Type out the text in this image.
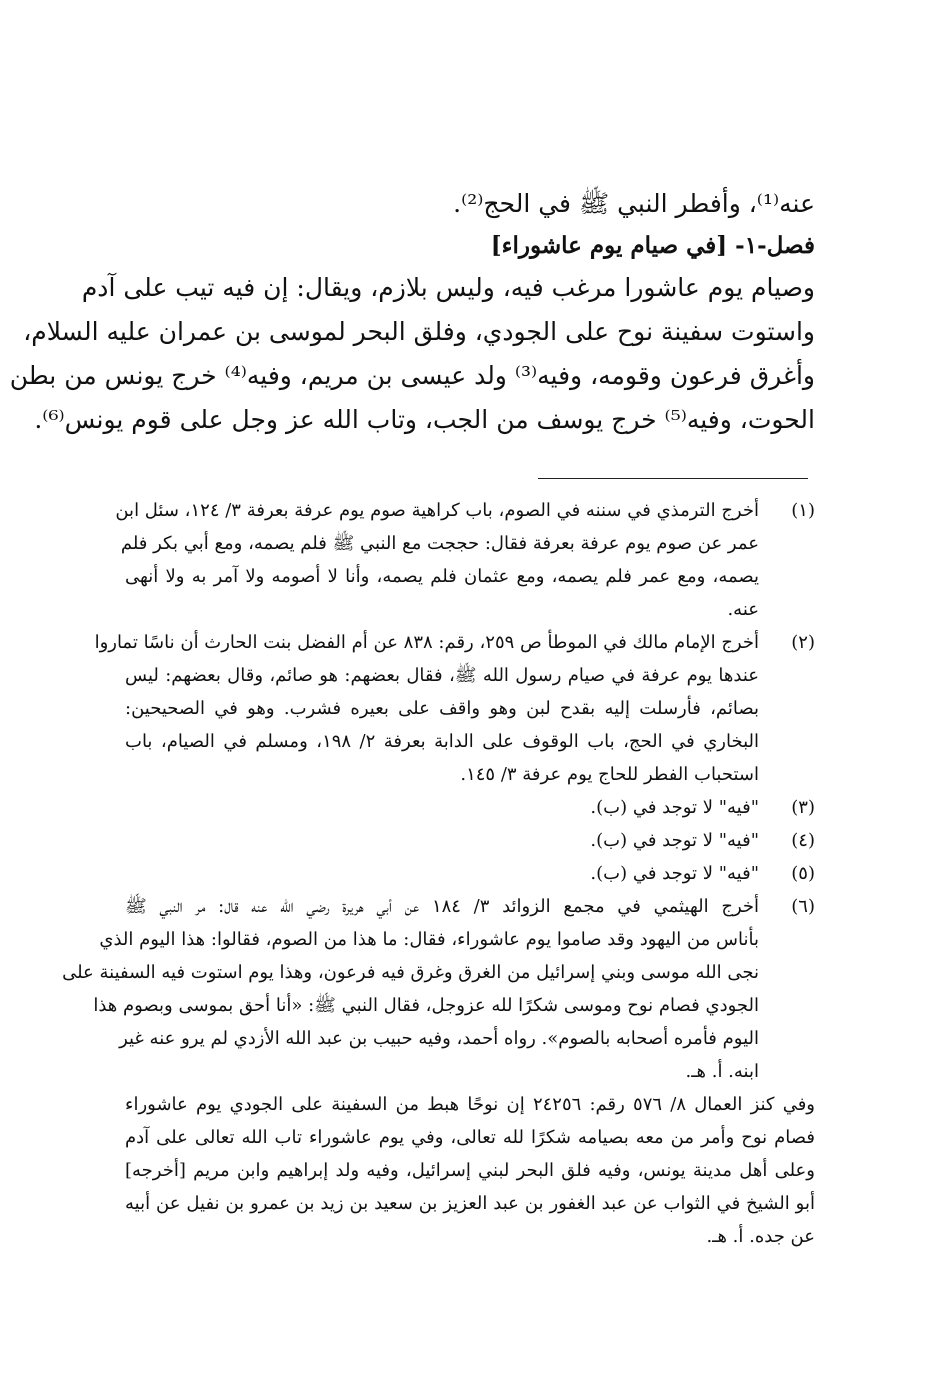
عنه⁽¹⁾، وأفطر النبي ﷺ في الحج⁽²⁾.
فصل-١- [في صيام يوم عاشوراء]
وصيام يوم عاشورا مرغب فيه، وليس بلازم، ويقال: إن فيه تيب على آدم
واستوت سفينة نوح على الجودي، وفلق البحر لموسى بن عمران عليه السلام،
وأغرق فرعون وقومه، وفيه⁽³⁾ ولد عيسى بن مريم، وفيه⁽⁴⁾ خرج يونس من بطن
الحوت، وفيه⁽⁵⁾ خرج يوسف من الجب، وتاب الله عز وجل على قوم يونس⁽⁶⁾.
(١)
أخرج الترمذي في سننه في الصوم، باب كراهية صوم يوم عرفة بعرفة ٣/ ١٢٤، سئل ابن
عمر عن صوم يوم عرفة بعرفة فقال: حججت مع النبي ﷺ فلم يصمه، ومع أبي بكر فلم
يصمه، ومع عمر فلم يصمه، ومع عثمان فلم يصمه، وأنا لا أصومه ولا آمر به ولا أنهى
عنه.
(٢)
أخرج الإمام مالك في الموطأ ص ٢٥٩، رقم: ٨٣٨ عن أم الفضل بنت الحارث أن ناسًا تماروا
عندها يوم عرفة في صيام رسول الله ﷺ، فقال بعضهم: هو صائم، وقال بعضهم: ليس
بصائم، فأرسلت إليه بقدح لبن وهو واقف على بعيره فشرب. وهو في الصحيحين:
البخاري في الحج، باب الوقوف على الدابة بعرفة ٢/ ١٩٨، ومسلم في الصيام، باب
استحباب الفطر للحاج يوم عرفة ٣/ ١٤٥.
(٣)
"فيه" لا توجد في (ب).
(٤)
"فيه" لا توجد في (ب).
(٥)
"فيه" لا توجد في (ب).
(٦)
أخرج الهيثمي في مجمع الزوائد ٣/ ١٨٤ عن أبي هريرة رضي الله عنه قال: مر النبي ﷺ
بأناس من اليهود وقد صاموا يوم عاشوراء، فقال: ما هذا من الصوم، فقالوا: هذا اليوم الذي
نجى الله موسى وبني إسرائيل من الغرق وغرق فيه فرعون، وهذا يوم استوت فيه السفينة على
الجودي فصام نوح وموسى شكرًا لله عزوجل، فقال النبي ﷺ: «أنا أحق بموسى وبصوم هذا
اليوم فأمره أصحابه بالصوم». رواه أحمد، وفيه حبيب بن عبد الله الأزدي لم يرو عنه غير
ابنه. أ. هـ.
وفي كنز العمال ٨/ ٥٧٦ رقم: ٢٤٢٥٦ إن نوحًا هبط من السفينة على الجودي يوم عاشوراء
فصام نوح وأمر من معه بصيامه شكرًا لله تعالى، وفي يوم عاشوراء تاب الله تعالى على آدم
وعلى أهل مدينة يونس، وفيه فلق البحر لبني إسرائيل، وفيه ولد إبراهيم وابن مريم [أخرجه]
أبو الشيخ في الثواب عن عبد الغفور بن عبد العزيز بن سعيد بن زيد بن عمرو بن نفيل عن أبيه
عن جده. أ. هـ.
